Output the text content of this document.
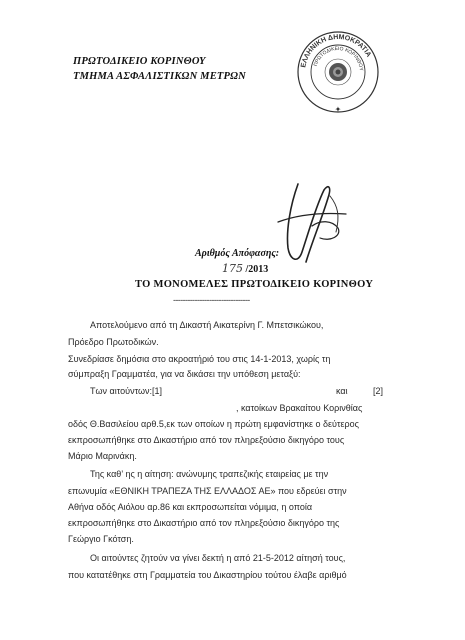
ΠΡΩΤΟΔΙΚΕΙΟ ΚΟΡΙΝΘΟΥ
ΤΜΗΜΑ ΑΣΦΑΛΙΣΤΙΚΩΝ ΜΕΤΡΩΝ
ΕΛΛΗΝΙΚΗ ΔΗΜΟΚΡΑΤΙΑ
ΠΡΩΤΟΔΙΚΕΙΟ ΚΟΡΙΝΘΟΥ
✦
Αριθμός Απόφασης:
175 /2013
ΤΟ ΜΟΝΟΜΕΛΕΣ ΠΡΩΤΟΔΙΚΕΙΟ ΚΟΡΙΝΘΟΥ
--------------------------------
Αποτελούμενο από τη Δικαστή Αικατερίνη Γ. Μπετσικώκου,
Πρόεδρο Πρωτοδικών.
Συνεδρίασε δημόσια στο ακροατήριό του στις 14-1-2013, χωρίς τη
σύμπραξη Γραμματέα, για να δικάσει την υπόθεση μεταξύ:
Των αιτούντων:[1]	και	[2]
, κατοίκων Βρακαίτου Κορινθίας
οδός Θ.Βασιλείου αρθ.5,εκ των οποίων η πρώτη εμφανίστηκε ο δεύτερος
εκπροσωπήθηκε στο Δικαστήριο από τον πληρεξούσιο δικηγόρο τους
Μάριο Μαρινάκη.
Της καθ’ ης η αίτηση: ανώνυμης τραπεζικής εταιρείας με την
επωνυμία «ΕΘΝΙΚΗ ΤΡΑΠΕΖΑ ΤΗΣ ΕΛΛΑΔΟΣ ΑΕ» που εδρεύει στην
Αθήνα οδός Αιόλου αρ.86 και εκπροσωπείται νόμιμα, η οποία
εκπροσωπήθηκε στο Δικαστήριο από τον πληρεξούσιο δικηγόρο της
Γεώργιο Γκότση.
Οι αιτούντες ζητούν να γίνει δεκτή η από 21-5-2012 αίτησή τους,
που κατατέθηκε στη Γραμματεία του Δικαστηρίου τούτου έλαβε αριθμό
